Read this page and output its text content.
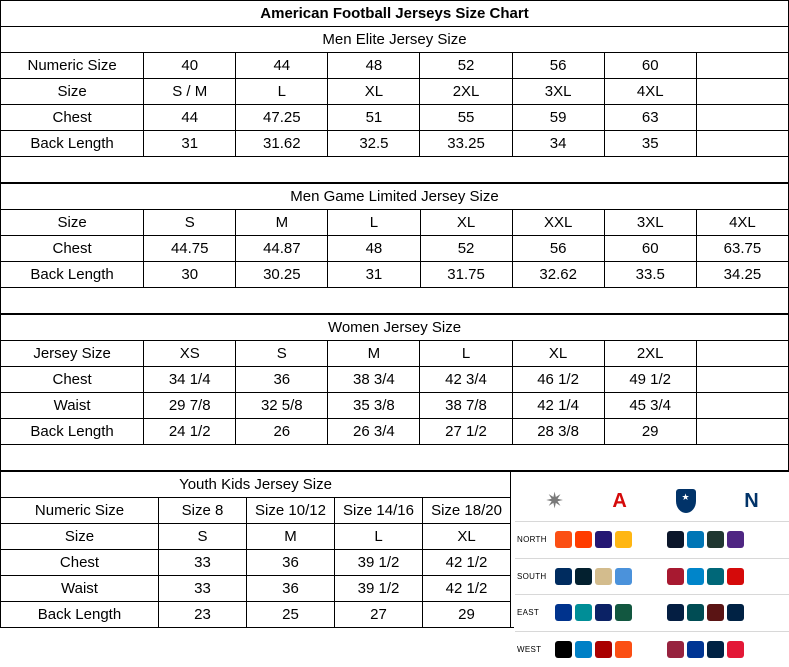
American Football Jerseys Size Chart							
Men Elite Jersey Size							
Numeric Size	40	44	48	52	56	60	
Size	S / M	L	XL	2XL	3XL	4XL	
Chest	44	47.25	51	55	59	63	
Back Length	31	31.62	32.5	33.25	34	35	

Men Game Limited Jersey Size							
Size	S	M	L	XL	XXL	3XL	4XL
Chest	44.75	44.87	48	52	56	60	63.75
Back Length	30	30.25	31	31.75	32.62	33.5	34.25

Women Jersey Size							
Jersey Size	XS	S	M	L	XL	2XL	
Chest	34 1/4	36	38 3/4	42 3/4	46 1/2	49 1/2	
Waist	29 7/8	32 5/8	35 3/8	38 7/8	42 1/4	45 3/4	
Back Length	24 1/2	26	26 3/4	27 1/2	28 3/8	29	

Youth Kids Jersey Size					
Numeric Size	Size 8	Size 10/12	Size 14/16	Size 18/20	
Size	S	M	L	XL	
Chest	33	36	39 1/2	42 1/2	
Waist	33	36	39 1/2	42 1/2	
Back Length	23	25	27	29	
✷ A	★	N
NORTH
SOUTH
EAST
WEST
